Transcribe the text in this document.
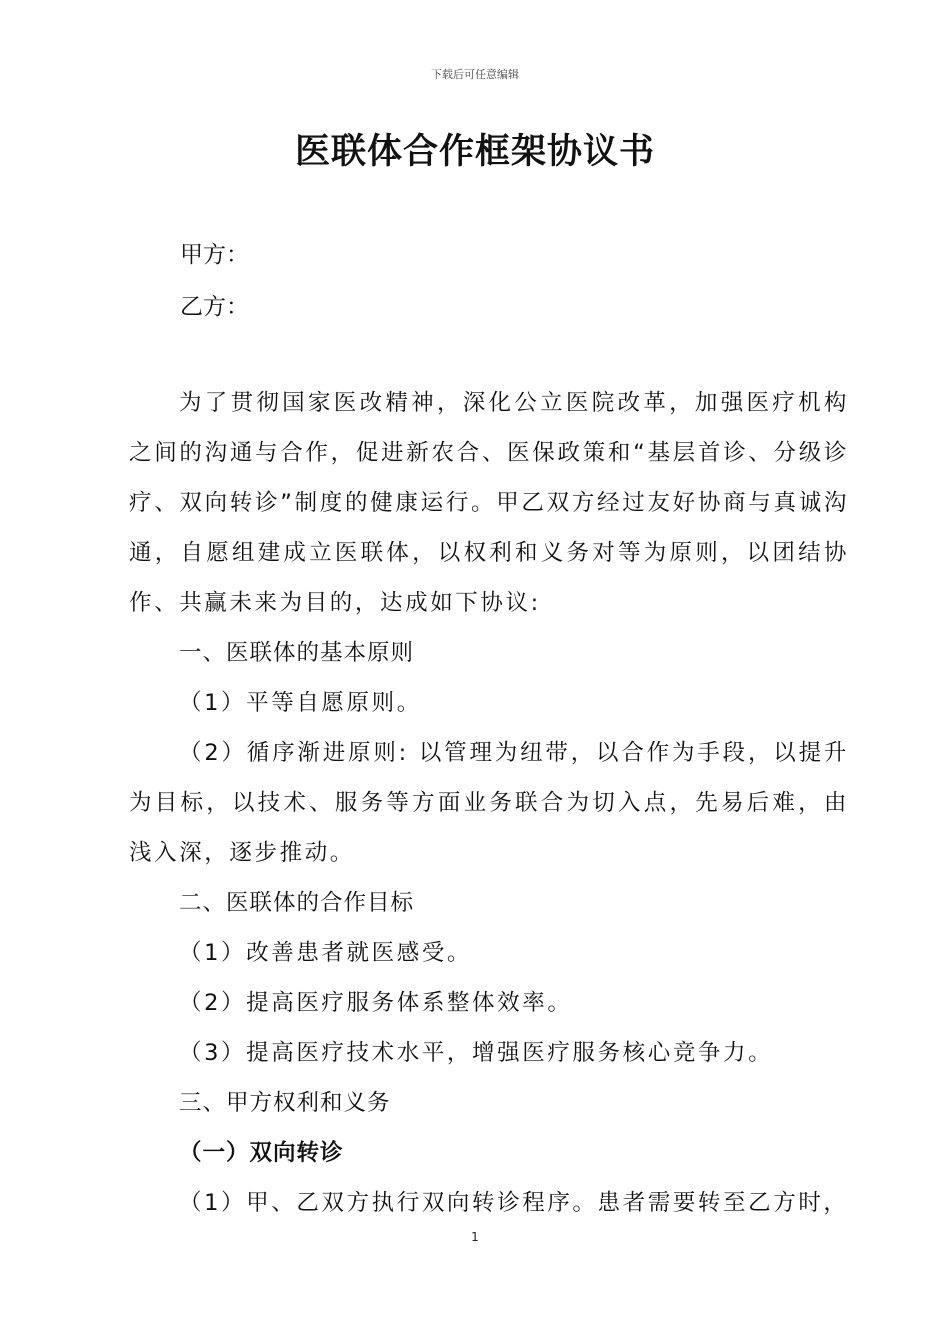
下载后可任意编辑
医联体合作框架协议书
甲方：
乙方：

为了贯彻国家医改精神，深化公立医院改革，加强医疗机构之间的沟通与合作，促进新农合、医保政策和“基层首诊、分级诊疗、双向转诊”制度的健康运行。甲乙双方经过友好协商与真诚沟通，自愿组建成立医联体，以权利和义务对等为原则，以团结协作、共赢未来为目的，达成如下协议:

一、医联体的基本原则

（1）平等自愿原则。

（2）循序渐进原则: 以管理为纽带，以合作为手段，以提升为目标，以技术、服务等方面业务联合为切入点，先易后难，由浅入深，逐步推动。

二、医联体的合作目标

（1）改善患者就医感受。

（2）提高医疗服务体系整体效率。

（3）提高医疗技术水平，增强医疗服务核心竞争力。

三、甲方权利和义务

（一）双向转诊

（1）甲、乙双方执行双向转诊程序。患者需要转至乙方时，

1
